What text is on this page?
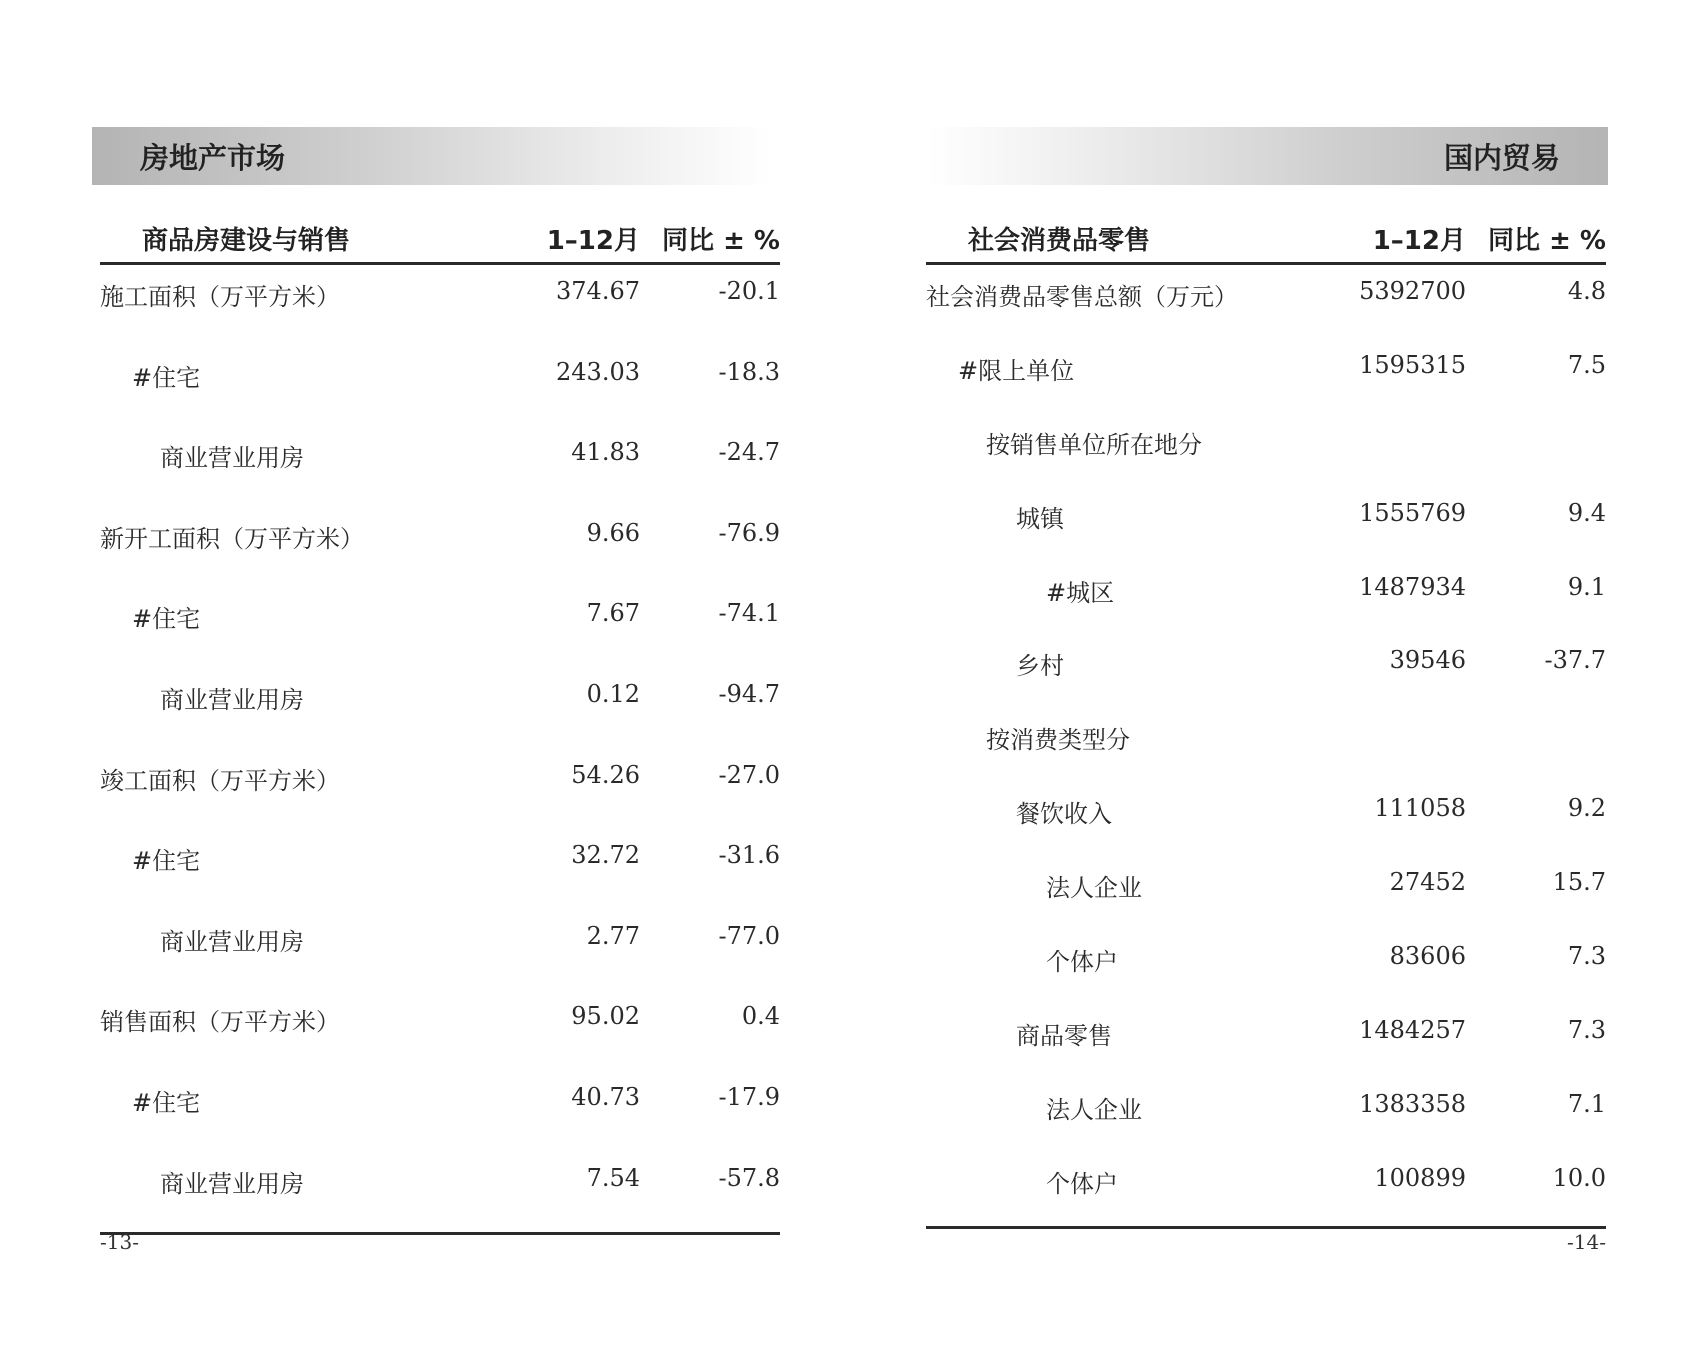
房地产市场
商品房建设与销售	1–12月 同比 ± %
施工面积（万平方米）	374.67	-20.1
#住宅	243.03	-18.3
商业营业用房	41.83	-24.7
新开工面积（万平方米）	9.66	-76.9
#住宅	7.67	-74.1
商业营业用房	0.12	-94.7
竣工面积（万平方米）	54.26	-27.0
#住宅	32.72	-31.6
商业营业用房	2.77	-77.0
销售面积（万平方米）	95.02	0.4
#住宅	40.73	-17.9
商业营业用房	7.54	-57.8
-13-
国内贸易
社会消费品零售	1–12月 同比 ± %
社会消费品零售总额（万元）	5392700	4.8
#限上单位	1595315	7.5
按销售单位所在地分
城镇	1555769	9.4
#城区	1487934	9.1
乡村	39546	-37.7
按消费类型分
餐饮收入	111058	9.2
法人企业	27452	15.7
个体户	83606	7.3
商品零售	1484257	7.3
法人企业	1383358	7.1
个体户	100899	10.0
-14-
